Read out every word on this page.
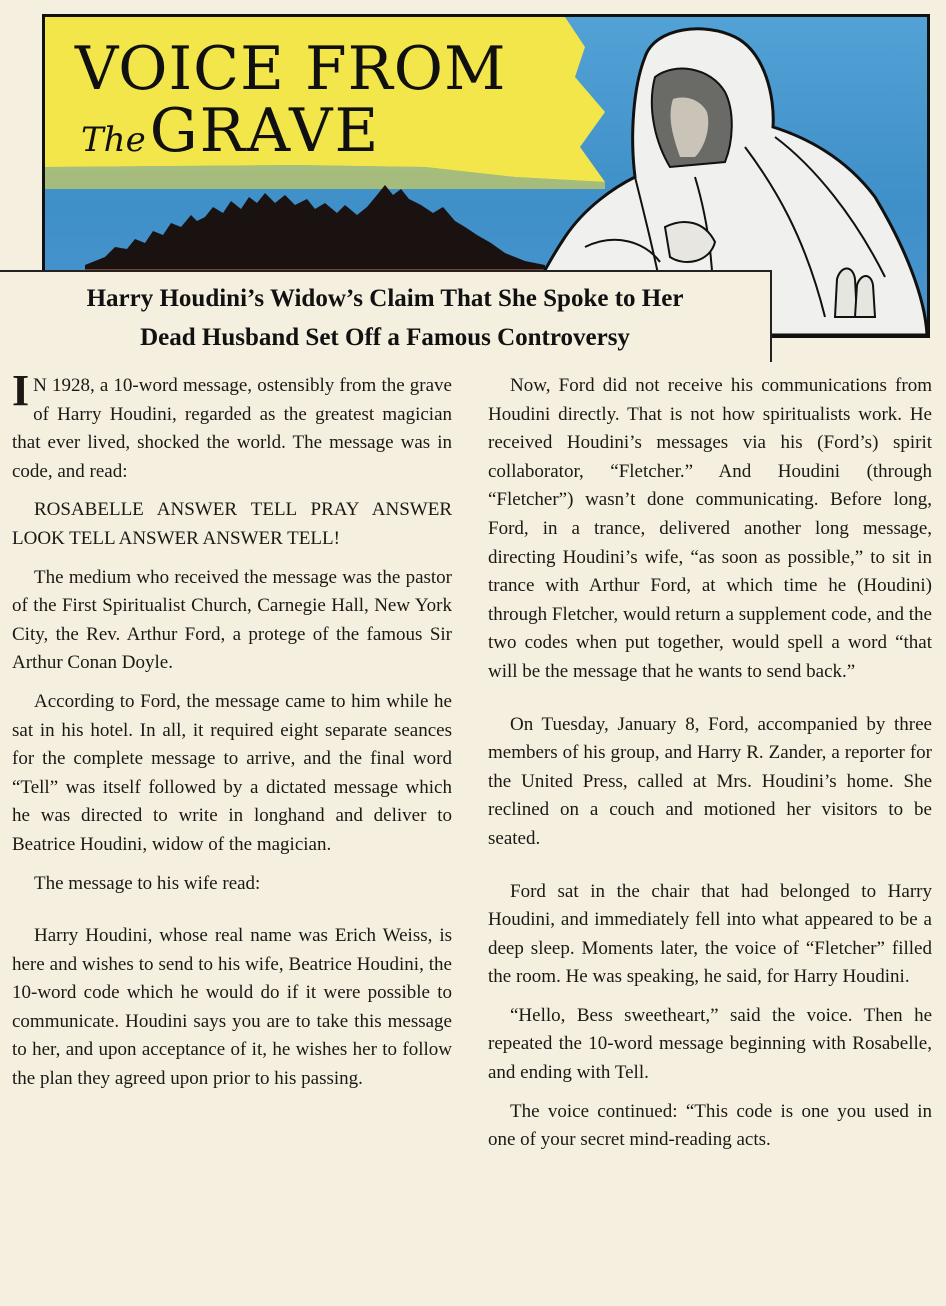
VOICE FROM
TheGRAVE
Harry Houdini’s Widow’s Claim That She Spoke to Her
Dead Husband Set Off a Famous Controversy

I N 1928, a 10-word message, ostensibly from the grave of Harry Houdini, regarded as the greatest magician that ever lived, shocked the world. The message was in code, and read:

ROSABELLE ANSWER TELL PRAY ANSWER LOOK TELL ANSWER ANSWER TELL!

The medium who received the message was the pastor of the First Spiritualist Church, Carnegie Hall, New York City, the Rev. Arthur Ford, a protege of the famous Sir Arthur Conan Doyle.

According to Ford, the message came to him while he sat in his hotel. In all, it required eight separate seances for the complete message to arrive, and the final word “Tell” was itself followed by a dictated message which he was directed to write in longhand and deliver to Beatrice Houdini, widow of the magician.

The message to his wife read:

Harry Houdini, whose real name was Erich Weiss, is here and wishes to send to his wife, Beatrice Houdini, the 10-word code which he would do if it were possible to communicate. Houdini says you are to take this message to her, and upon acceptance of it, he wishes her to follow the plan they agreed upon prior to his passing.

Now, Ford did not receive his communications from Houdini directly. That is not how spiritualists work. He received Houdini’s messages via his (Ford’s) spirit collaborator, “Fletcher.” And Houdini (through “Fletcher”) wasn’t done communicating. Before long, Ford, in a trance, delivered another long message, directing Houdini’s wife, “as soon as possible,” to sit in trance with Arthur Ford, at which time he (Houdini) through Fletcher, would return a supplement code, and the two codes when put together, would spell a word “that will be the message that he wants to send back.”

On Tuesday, January 8, Ford, accompanied by three members of his group, and Harry R. Zander, a reporter for the United Press, called at Mrs. Houdini’s home. She reclined on a couch and motioned her visitors to be seated.

Ford sat in the chair that had belonged to Harry Houdini, and immediately fell into what appeared to be a deep sleep. Moments later, the voice of “Fletcher” filled the room. He was speaking, he said, for Harry Houdini.

“Hello, Bess sweetheart,” said the voice. Then he repeated the 10-word message beginning with Rosabelle, and ending with Tell.

The voice continued: “This code is one you used in one of your secret mind-reading acts.
